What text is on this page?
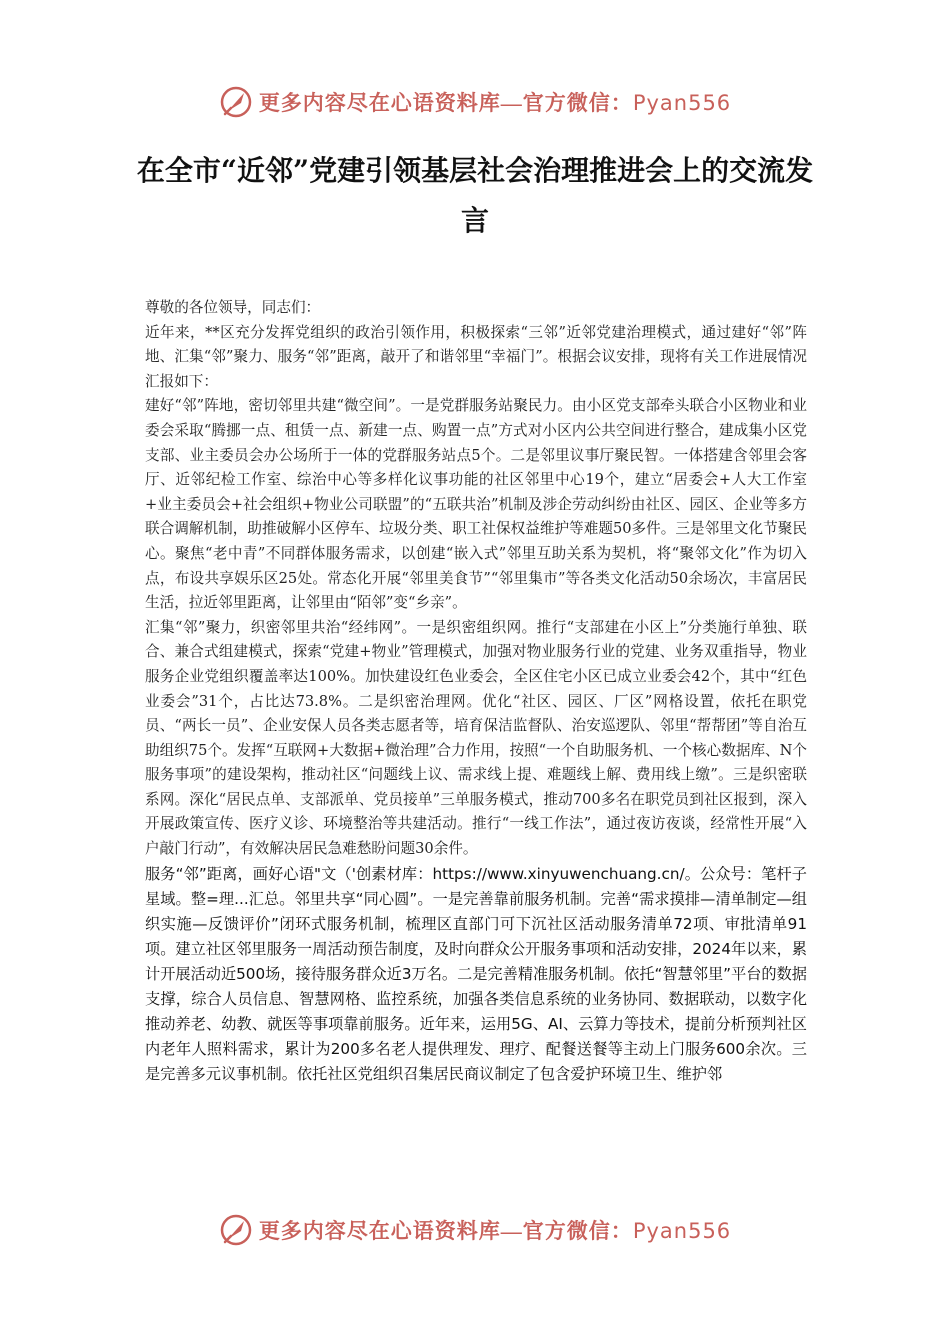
更多内容尽在心语资料库—官方微信：Pyan556
在全市“近邻”党建引领基层社会治理推进会上的交流发言

尊敬的各位领导，同志们：

近年来，**区充分发挥党组织的政治引领作用，积极探索“三邻”近邻党建治理模式，通过建好“邻”阵地、汇集“邻”聚力、服务“邻”距离，敲开了和谐邻里“幸福门”。根据会议安排，现将有关工作进展情况汇报如下：

建好“邻”阵地，密切邻里共建“微空间”。一是党群服务站聚民力。由小区党支部牵头联合小区物业和业委会采取“腾挪一点、租赁一点、新建一点、购置一点”方式对小区内公共空间进行整合，建成集小区党支部、业主委员会办公场所于一体的党群服务站点5个。二是邻里议事厅聚民智。一体搭建含邻里会客厅、近邻纪检工作室、综治中心等多样化议事功能的社区邻里中心19个，建立“居委会+人大工作室+业主委员会+社会组织+物业公司联盟”的“五联共治”机制及涉企劳动纠纷由社区、园区、企业等多方联合调解机制，助推破解小区停车、垃圾分类、职工社保权益维护等难题50多件。三是邻里文化节聚民心。聚焦“老中青”不同群体服务需求，以创建“嵌入式”邻里互助关系为契机，将“聚邻文化”作为切入点，布设共享娱乐区25处。常态化开展“邻里美食节”“邻里集市”等各类文化活动50余场次，丰富居民生活，拉近邻里距离，让邻里由“陌邻”变“乡亲”。

汇集“邻”聚力，织密邻里共治“经纬网”。一是织密组织网。推行“支部建在小区上”分类施行单独、联合、兼合式组建模式，探索“党建+物业”管理模式，加强对物业服务行业的党建、业务双重指导，物业服务企业党组织覆盖率达100%。加快建设红色业委会，全区住宅小区已成立业委会42个，其中“红色业委会”31个，占比达73.8%。二是织密治理网。优化“社区、园区、厂区”网格设置，依托在职党员、“两长一员”、企业安保人员各类志愿者等，培育保洁监督队、治安巡逻队、邻里“帮帮团”等自治互助组织75个。发挥“互联网+大数据+微治理”合力作用，按照“一个自助服务机、一个核心数据库、N个服务事项”的建设架构，推动社区“问题线上议、需求线上提、难题线上解、费用线上缴”。三是织密联系网。深化“居民点单、支部派单、党员接单”三单服务模式，推动700多名在职党员到社区报到，深入开展政策宣传、医疗义诊、环境整治等共建活动。推行“一线工作法”，通过夜访夜谈，经常性开展“入户敲门行动”，有效解决居民急难愁盼问题30余件。

服务“邻”距离，画好心语"文（'创素材库：https://www.xinyuwenchuang.cn/。公众号：笔杆子星域。整=理...汇总。邻里共享“同心圆”。一是完善靠前服务机制。完善“需求摸排—清单制定—组织实施—反馈评价”闭环式服务机制，梳理区直部门可下沉社区活动服务清单72项、审批清单91项。建立社区邻里服务一周活动预告制度，及时向群众公开服务事项和活动安排，2024年以来，累计开展活动近500场，接待服务群众近3万名。二是完善精准服务机制。依托“智慧邻里”平台的数据支撑，综合人员信息、智慧网格、监控系统，加强各类信息系统的业务协同、数据联动，以数字化推动养老、幼教、就医等事项靠前服务。近年来，运用5G、AI、云算力等技术，提前分析预判社区内老年人照料需求，累计为200多名老人提供理发、理疗、配餐送餐等主动上门服务600余次。三是完善多元议事机制。依托社区党组织召集居民商议制定了包含爱护环境卫生、维护邻

更多内容尽在心语资料库—官方微信：Pyan556
